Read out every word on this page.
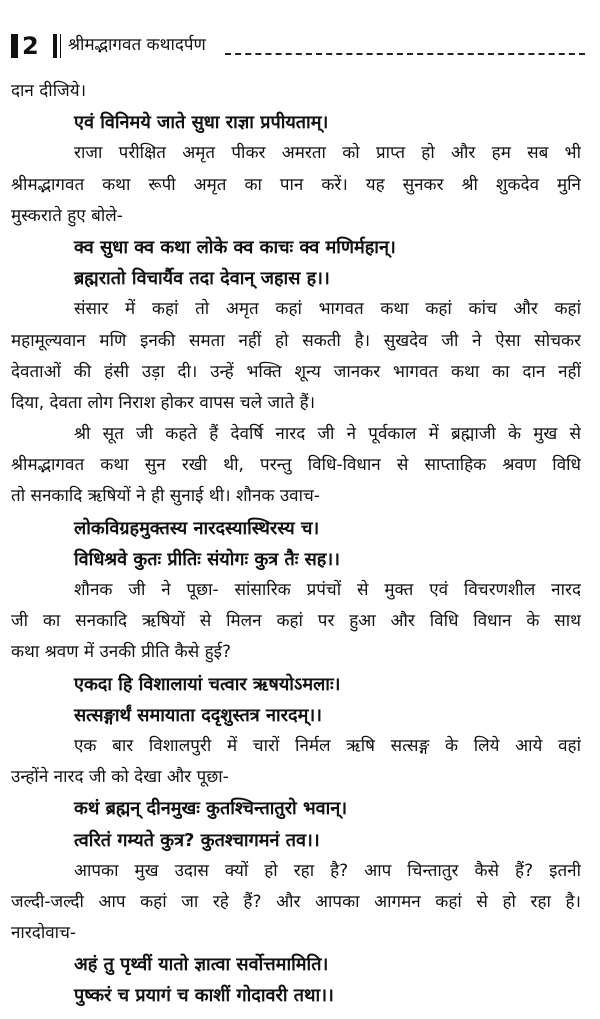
2 श्रीमद्भागवत कथादर्पण
दान दीजिये।
एवं विनिमये जाते सुधा राज्ञा प्रपीयताम्।
राजा परीक्षित अमृत पीकर अमरता को प्राप्त हो और हम सब भी
श्रीमद्भागवत कथा रूपी अमृत का पान करें। यह सुनकर श्री शुकदेव मुनि
मुस्कराते हुए बोले-
क्व सुधा क्व कथा लोके क्व काचः क्व मणिर्महान्।
ब्रह्मरातो विचार्यैव तदा देवान् जहास ह।।
संसार में कहां तो अमृत कहां भागवत कथा कहां कांच और कहां
महामूल्यवान मणि इनकी समता नहीं हो सकती है। सुखदेव जी ने ऐसा सोचकर
देवताओं की हंसी उड़ा दी। उन्हें भक्ति शून्य जानकर भागवत कथा का दान नहीं
दिया, देवता लोग निराश होकर वापस चले जाते हैं।
श्री सूत जी कहते हैं देवर्षि नारद जी ने पूर्वकाल में ब्रह्माजी के मुख से
श्रीमद्भागवत कथा सुन रखी थी, परन्तु विधि-विधान से साप्ताहिक श्रवण विधि
तो सनकादि ऋषियों ने ही सुनाई थी। शौनक उवाच-
लोकविग्रहमुक्तस्य नारदस्यास्थिरस्य च।
विधिश्रवे कुतः प्रीतिः संयोगः कुत्र तैः सह।।
शौनक जी ने पूछा- सांसारिक प्रपंचों से मुक्त एवं विचरणशील नारद
जी का सनकादि ऋषियों से मिलन कहां पर हुआ और विधि विधान के साथ
कथा श्रवण में उनकी प्रीति कैसे हुई?
एकदा हि विशालायां चत्वार ऋषयोऽमलाः।
सत्सङ्गार्थं समायाता ददृशुस्तत्र नारदम्।।
एक बार विशालपुरी में चारों निर्मल ऋषि सत्सङ्ग के लिये आये वहां
उन्होंने नारद जी को देखा और पूछा-
कथं ब्रह्मन् दीनमुखः कुतश्चिन्तातुरो भवान्।
त्वरितं गम्यते कुत्र? कुतश्चागमनं तव।।
आपका मुख उदास क्यों हो रहा है? आप चिन्तातुर कैसे हैं? इतनी
जल्दी-जल्दी आप कहां जा रहे हैं? और आपका आगमन कहां से हो रहा है।
नारदोवाच-
अहं तु पृथ्वीं यातो ज्ञात्वा सर्वोत्तमामिति।
पुष्करं च प्रयागं च काशीं गोदावरी तथा।।
